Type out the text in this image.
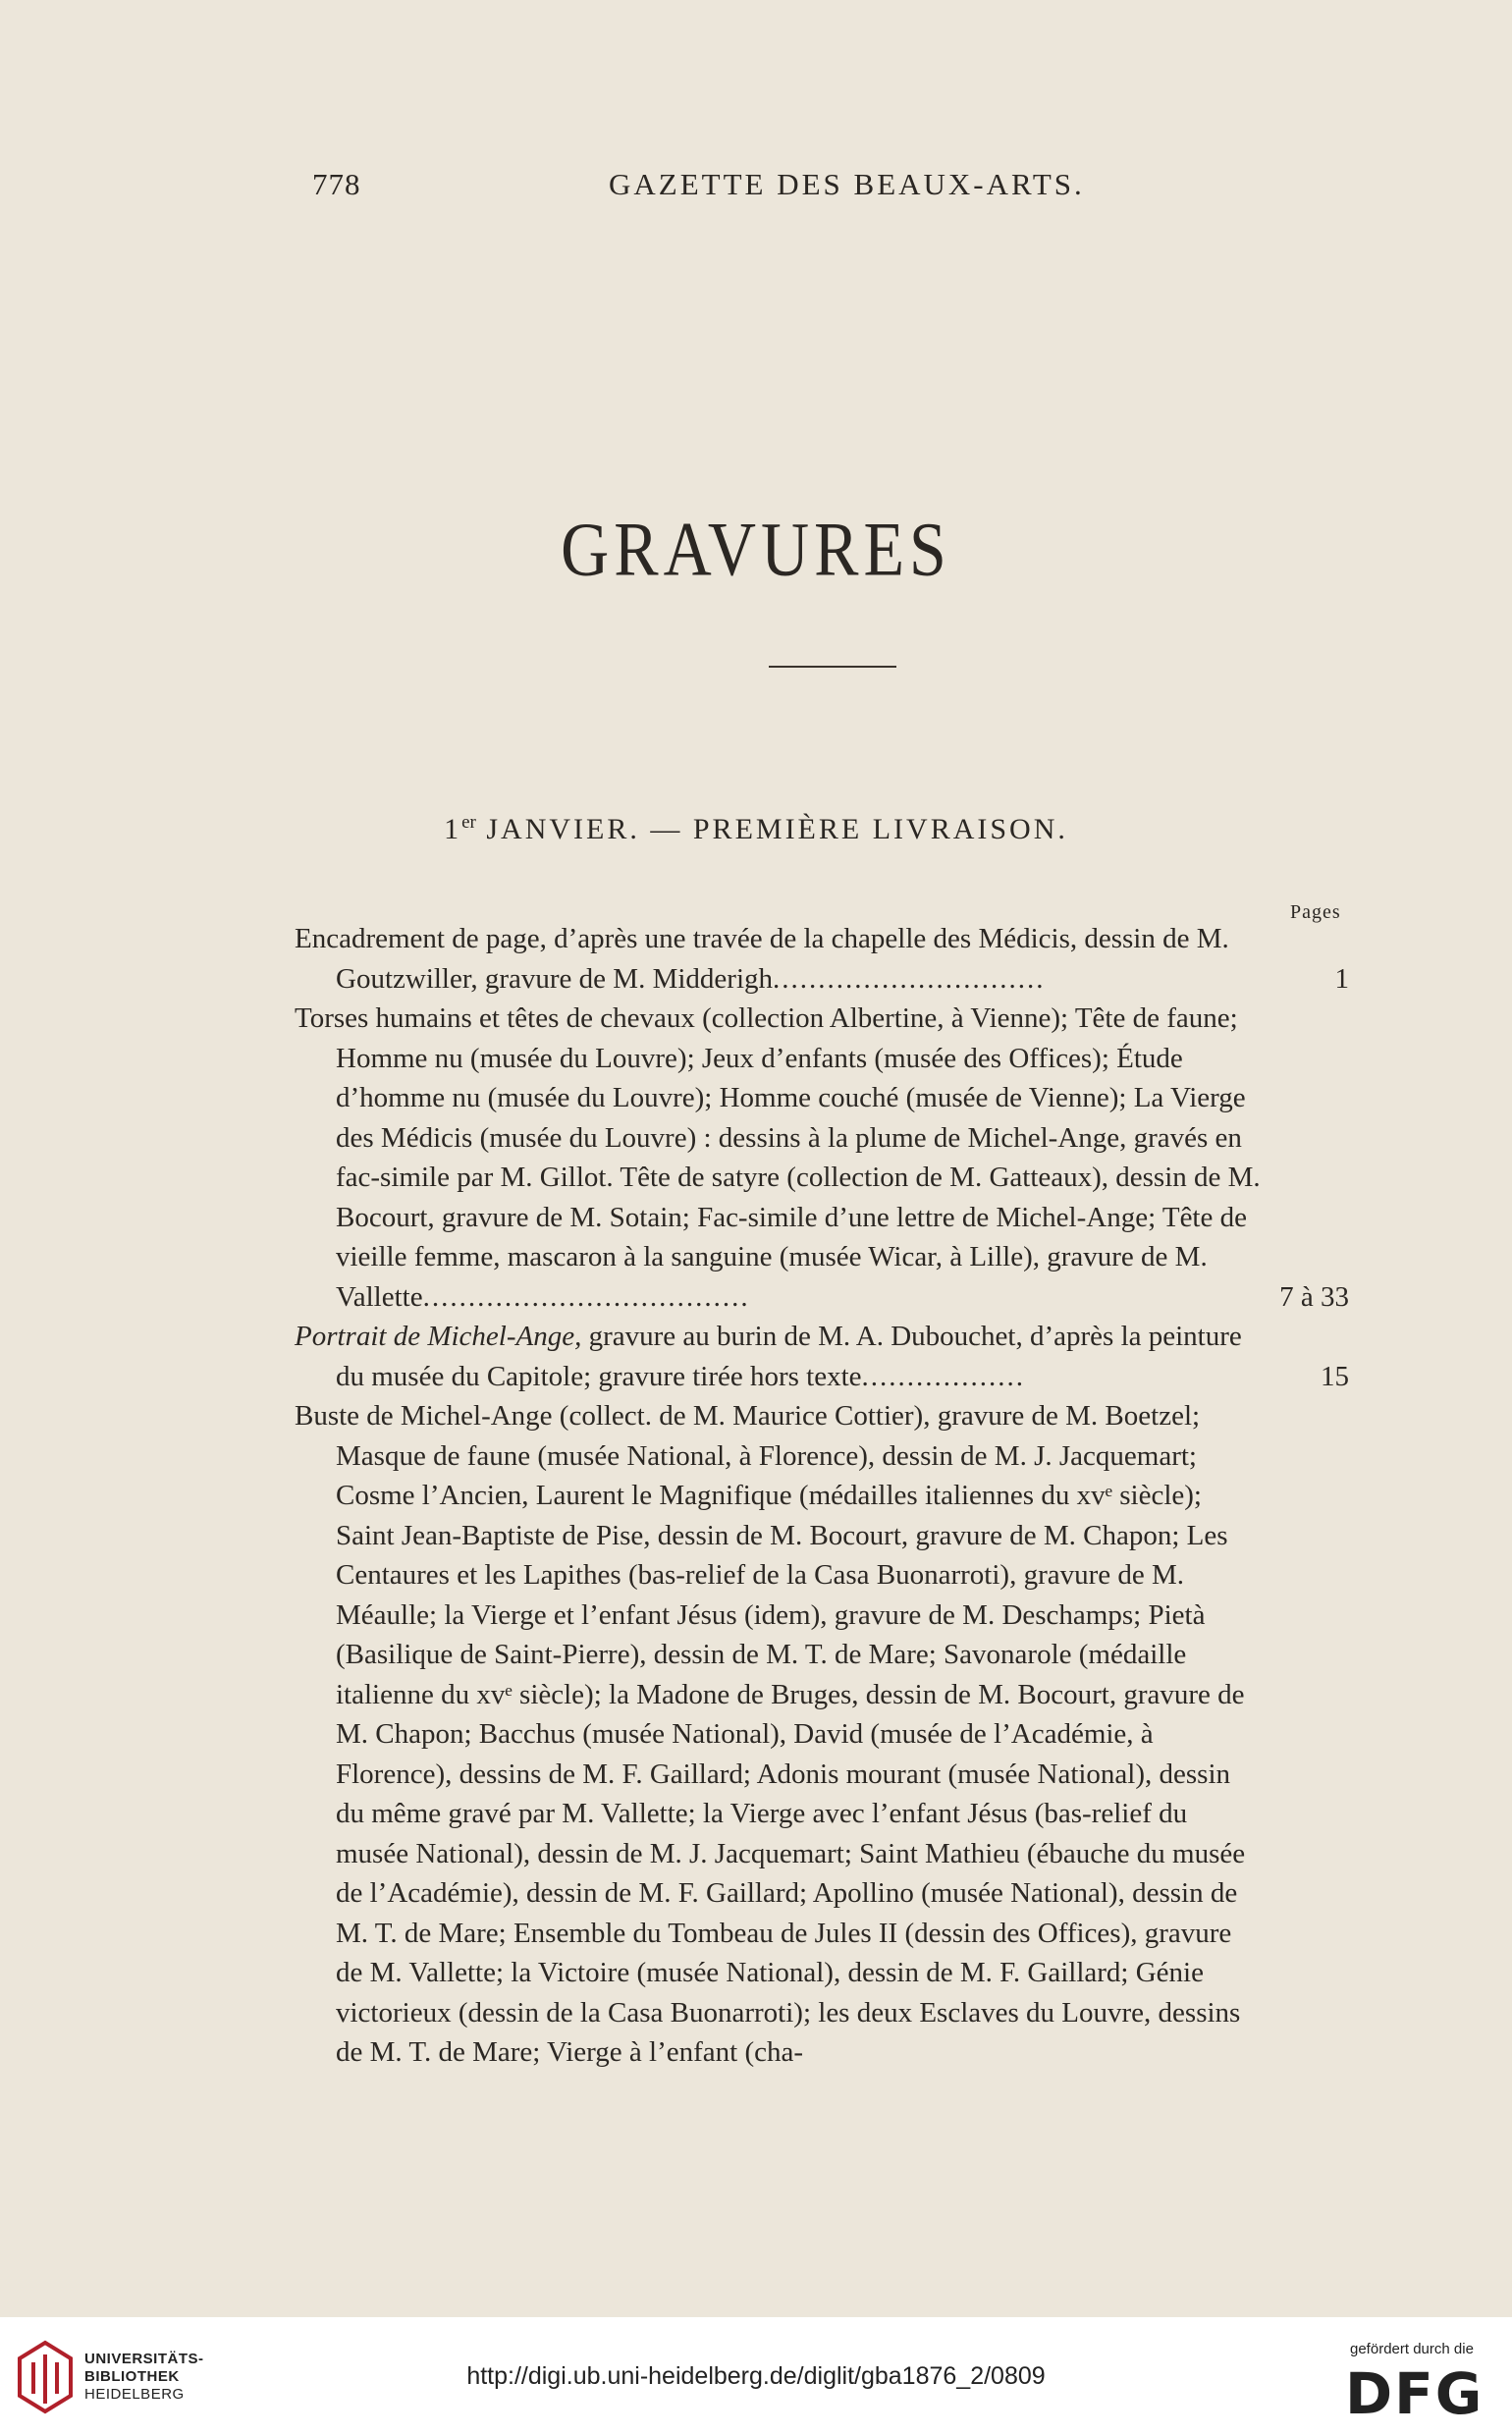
778	GAZETTE DES BEAUX-ARTS.
GRAVURES
1er JANVIER. — PREMIÈRE LIVRAISON.
Pages
Encadrement de page, d’après une travée de la chapelle des Médicis, dessin de M. Goutzwiller, gravure de M. Midderigh..............................	1
Torses humains et têtes de chevaux (collection Albertine, à Vienne); Tête de faune; Homme nu (musée du Louvre); Jeux d’enfants (musée des Offices); Étude d’homme nu (musée du Louvre); Homme couché (musée de Vienne); La Vierge des Médicis (musée du Louvre) : dessins à la plume de Michel-Ange, gravés en fac-simile par M. Gillot. Tête de satyre (collection de M. Gatteaux), dessin de M. Bocourt, gravure de M. Sotain; Fac-simile d’une lettre de Michel-Ange; Tête de vieille femme, mascaron à la sanguine (musée Wicar, à Lille), gravure de M. Vallette....................................	7 à 33
Portrait de Michel-Ange, gravure au burin de M. A. Dubouchet, d’après la peinture du musée du Capitole; gravure tirée hors texte..................	15
Buste de Michel-Ange (collect. de M. Maurice Cottier), gravure de M. Boetzel; Masque de faune (musée National, à Florence), dessin de M. J. Jacquemart; Cosme l’Ancien, Laurent le Magnifique (médailles italiennes du xvᵉ siècle); Saint Jean-Baptiste de Pise, dessin de M. Bocourt, gravure de M. Chapon; Les Centaures et les Lapithes (bas-relief de la Casa Buonarroti), gravure de M. Méaulle; la Vierge et l’enfant Jésus (idem), gravure de M. Deschamps; Pietà (Basilique de Saint-Pierre), dessin de M. T. de Mare; Savonarole (médaille italienne du xvᵉ siècle); la Madone de Bruges, dessin de M. Bocourt, gravure de M. Chapon; Bacchus (musée National), David (musée de l’Académie, à Florence), dessins de M. F. Gaillard; Adonis mourant (musée National), dessin du même gravé par M. Vallette; la Vierge avec l’enfant Jésus (bas-relief du musée National), dessin de M. J. Jacquemart; Saint Mathieu (ébauche du musée de l’Académie), dessin de M. F. Gaillard; Apollino (musée National), dessin de M. T. de Mare; Ensemble du Tombeau de Jules II (dessin des Offices), gravure de M. Vallette; la Victoire (musée National), dessin de M. F. Gaillard; Génie victorieux (dessin de la Casa Buonarroti); les deux Esclaves du Louvre, dessins de M. T. de Mare; Vierge à l’enfant (cha-
UNIVERSITÄTS-
BIBLIOTHEK
HEIDELBERG
http://digi.ub.uni-heidelberg.de/diglit/gba1876_2/0809
gefördert durch die
DFG
